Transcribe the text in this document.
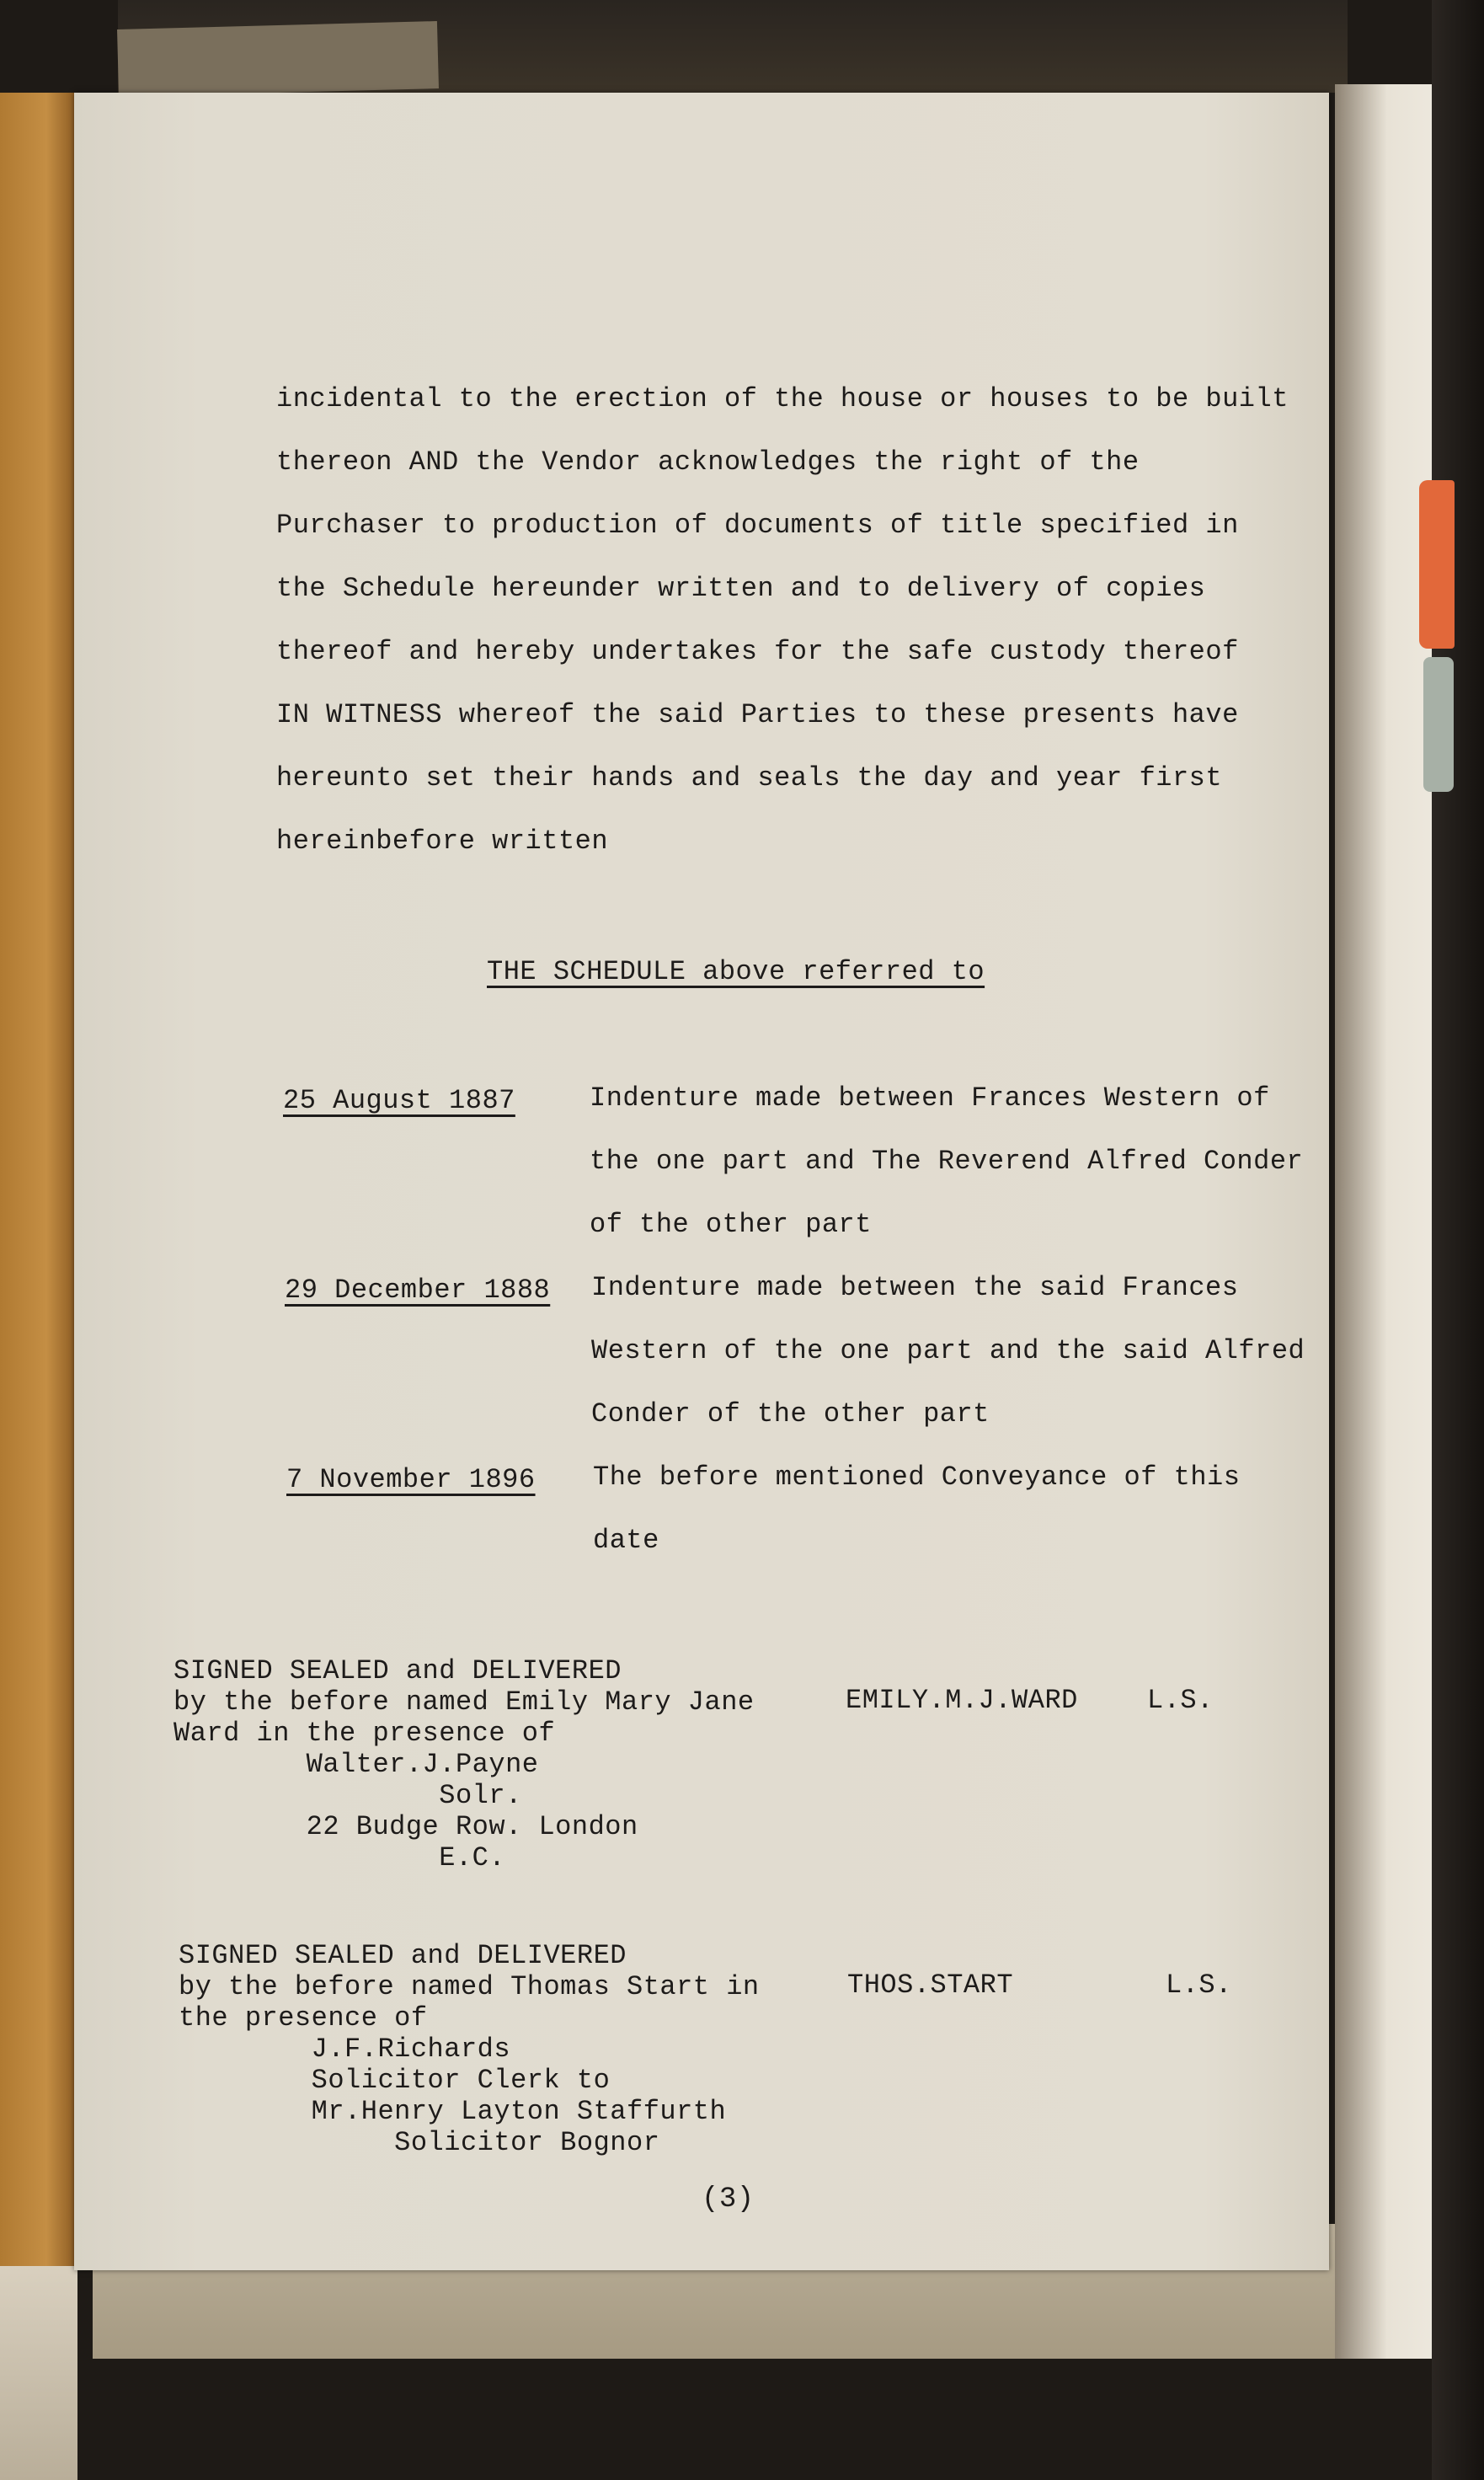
incidental to the erection of the house or houses to be built
thereon AND the Vendor acknowledges the right of the
Purchaser to production of documents of title specified in
the Schedule hereunder written and to delivery of copies
thereof and hereby undertakes for the safe custody thereof
IN WITNESS whereof the said Parties to these presents have
hereunto set their hands and seals the day and year first
hereinbefore written
THE SCHEDULE above referred to
25 August 1887	Indenture made between Frances Western of
the one part and The Reverend Alfred Conder
of the other part
29 December 1888 Indenture made between the said Frances
Western of the one part and the said Alfred
Conder of the other part
7 November 1896 The before mentioned Conveyance of this
date
SIGNED SEALED and DELIVERED
by the before named Emily Mary Jane
Ward in the presence of
Walter.J.Payne
Solr.
22 Budge Row. London
E.C.
EMILY.M.J.WARD	L.S.
SIGNED SEALED and DELIVERED
by the before named Thomas Start in
the presence of
J.F.Richards
Solicitor Clerk to
Mr.Henry Layton Staffurth
Solicitor Bognor
THOS.START	L.S.
(3)
